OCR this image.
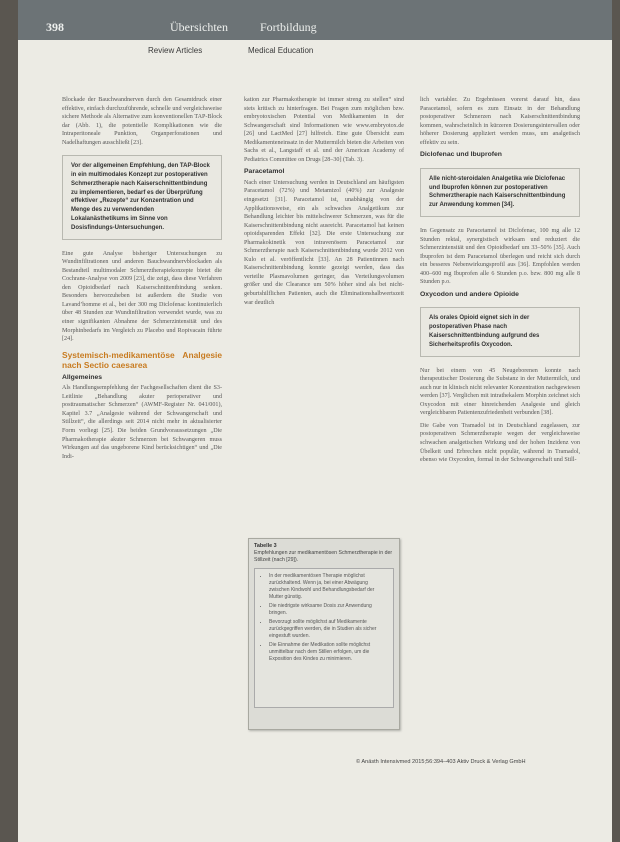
398	Übersichten	Fortbildung
Review Articles	Medical Education

Blockade der Bauchwandnerven durch den Gesamtdruck einer effektive, einfach durchzuführende, schnelle und vergleichsweise sichere Methode als Alternative zum konventionellen TAP-Block dar (Abb. 1), die potentielle Komplikationen wie die Intraperitoneale Punktion, Organperforationen und Nadelhaftungen ausschließt [23].

Vor der allgemeinen Empfehlung, den TAP-Block in ein multimodales Konzept zur postoperativen Schmerztherapie nach Kaiserschnittentbindung zu implementieren, bedarf es der Überprüfung effektiver „Rezepte“ zur Konzentration und Menge des zu verwendenden Lokalanästhetikums im Sinne von Dosisfindungs-Untersuchungen.

Eine gute Analyse bisheriger Untersuchungen zu Wundinfiltrationen und anderen Bauchwandnervblockaden als Bestandteil multimodaler Schmerztherapiekonzepte bietet die Cochrane-Analyse von 2009 [23], die zeigt, dass diese Verfahren den Opioidbedarf nach Kaiserschnittentbindung senken. Besonders hervorzuheben ist außerdem die Studie von Lavand’homme et al., bei der 300 mg Diclofenac kontinuierlich über 48 Stunden zur Wundinfiltration verwendet wurde, was zu einer signifikanten Abnahme der Schmerzintensität und des Morphinbedarfs im Vergleich zu Placebo und Ropivacain führte [24].

Systemisch-medikamentöse Analgesie nach Sectio caesarea
Allgemeines

Als Handlungsempfehlung der Fachgesellschaften dient die S3-Leitlinie „Behandlung akuter perioperativer und posttraumatischer Schmerzen“ (AWMF-Register Nr. 041/001), Kapitel 3.7 „Analgesie während der Schwangerschaft und Stillzeit“, die allerdings seit 2014 nicht mehr in aktualisierter Form vorliegt [25]. Die beiden Grundvoraussetzungen „Die Pharmakotherapie akuter Schmerzen bei Schwangeren muss Wirkungen auf das ungeborene Kind berücksichtigen“ und „Die Indi-

kation zur Pharmakotherapie ist immer streng zu stellen“ sind stets kritisch zu hinterfragen. Bei Fragen zum möglichen bzw. embryotoxischen Potential von Medikamenten in der Schwangerschaft sind Informationen wie www.embryotox.de [26] und LactMed [27] hilfreich. Eine gute Übersicht zum Medikamenteneinsatz in der Muttermilch bieten die Arbeiten von Sachs et al., Langstaff et al. und der American Academy of Pediatrics Committee on Drugs [28–30] (Tab. 3).

Paracetamol

Nach einer Untersuchung werden in Deutschland am häufigsten Paracetamol (72%) und Metamizol (40%) zur Analgesie eingesetzt [31]. Paracetamol ist, unabhängig von der Applikationsweise, ein als schwaches Analgetikum zur Behandlung leichter bis mittelschwerer Schmerzen, was für die Kaiserschnittentbindung nicht ausreicht. Paracetamol hat keinen opioidsparenden Effekt [32]. Die erste Untersuchung zur Pharmakokinetik von intravenösem Paracetamol zur Schmerztherapie nach Kaiserschnittentbindung wurde 2012 von Kulo et al. veröffentlicht [33]. An 28 Patientinnen nach Kaiserschnittentbindung konnte gezeigt werden, dass das verteilte Plasmavolumen geringer, das Verteilungsvolumen größer und die Clearance um 50% höher sind als bei nicht-geburtshilflichen Patienten, auch die Eliminationshalbwertszeit war deutlich

Tabelle 3
Empfehlungen zur medikamentösen Schmerztherapie in der Stillzeit (nach [29]).
• In der medikamentösen Therapie möglichst zurückhaltend. Wenn ja, bei einer Abwägung zwischen Kindwohl und Behandlungsbedarf der Mutter günstig.
• Die niedrigste wirksame Dosis zur Anwendung bringen.
• Bevorzugt sollte möglichst auf Medikamente zurückgegriffen werden, die in Studien als sicher eingestuft wurden.
• Die Einnahme der Medikation sollte möglichst unmittelbar nach dem Stillen erfolgen, um die Exposition des Kindes zu minimieren.

lich variabler. Zu Ergebnissen vorerst darauf hin, dass Paracetamol, sofern es zum Einsatz in der Behandlung postoperativer Schmerzen nach Kaiserschnittentbindung kommen, wahrscheinlich in kürzeren Dosierungsintervallen oder höherer Dosierung appliziert werden muss, um analgetisch effektiv zu sein.

Diclofenac und Ibuprofen
Alle nicht-steroidalen Analgetika wie Diclofenac und Ibuprofen können zur postoperativen Schmerztherapie nach Kaiserschnittentbindung zur Anwendung kommen [34].

Im Gegensatz zu Paracetamol ist Diclofenac, 100 mg alle 12 Stunden rektal, synergistisch wirksam und reduziert die Schmerzintensität und den Opioidbedarf um 33–50% [35]. Auch Ibuprofen ist dem Paracetamol überlegen und reicht sich durch ein besseres Nebenwirkungsprofil aus [36]. Empfohlen werden 400–600 mg Ibuprofen alle 6 Stunden p.o. bzw. 800 mg alle 8 Stunden p.o.

Oxycodon und andere Opioide
Als orales Opioid eignet sich in der postoperativen Phase nach Kaiserschnittentbindung aufgrund des Sicherheitsprofils Oxycodon.

Nur bei einem von 45 Neugeborenen konnte nach therapeutischer Dosierung die Substanz in der Muttermilch, und auch nur in klinisch nicht relevanter Konzentration nachgewiesen werden [37]. Verglichen mit intrathekalem Morphin zeichnet sich Oxycodon mit einer hinreichenden Analgesie und gleich vergleichbaren Patientenzufriedenheit verbunden [38].

Die Gabe von Tramadol ist in Deutschland zugelassen, zur postoperativen Schmerztherapie wegen der vergleichsweise schwachen analgetischen Wirkung und der hohen Inzidenz von Übelkeit und Erbrechen nicht populär, während in Tramadol, ebenso wie Oxycodon, formal in der Schwangerschaft und Still-

© Anästh Intensivmed 2015;56:394–403 Aktiv Druck & Verlag GmbH
